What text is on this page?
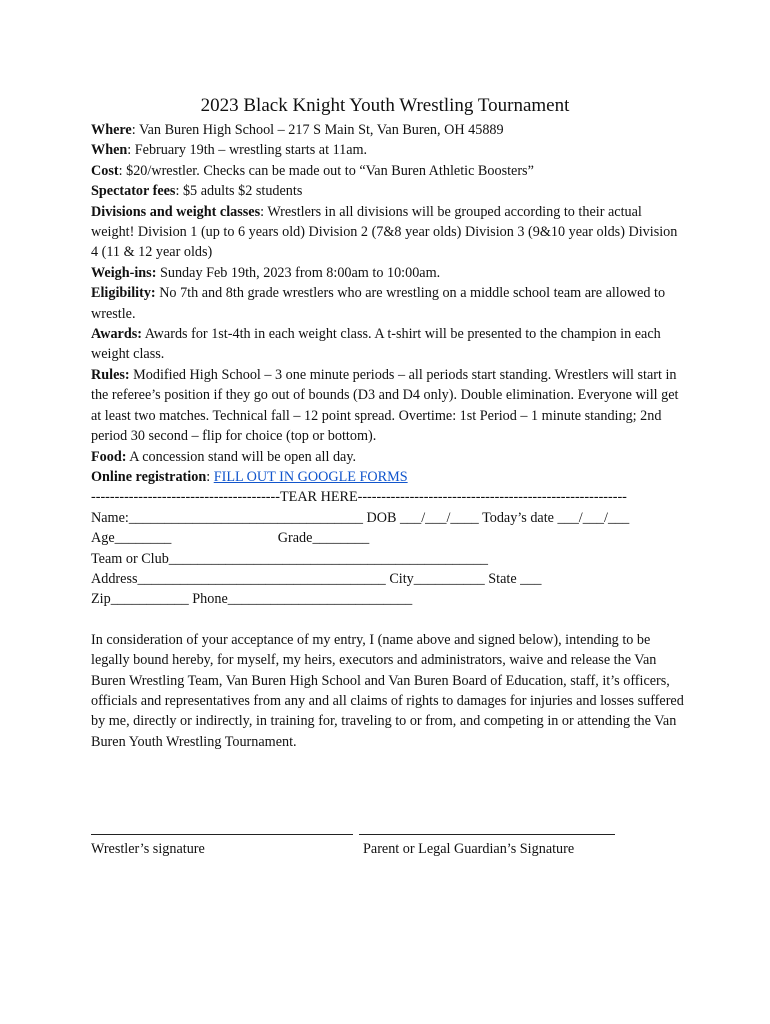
2023 Black Knight Youth Wrestling Tournament

Where: Van Buren High School – 217 S Main St, Van Buren, OH 45889

When: February 19th – wrestling starts at 11am.

Cost: $20/wrestler. Checks can be made out to “Van Buren Athletic Boosters”

Spectator fees: $5 adults $2 students

Divisions and weight classes: Wrestlers in all divisions will be grouped according to their actual weight! Division 1 (up to 6 years old) Division 2 (7&8 year olds) Division 3 (9&10 year olds) Division 4 (11 & 12 year olds)

Weigh-ins: Sunday Feb 19th, 2023 from 8:00am to 10:00am.

Eligibility: No 7th and 8th grade wrestlers who are wrestling on a middle school team are allowed to wrestle.

Awards: Awards for 1st-4th in each weight class. A t-shirt will be presented to the champion in each weight class.

Rules: Modified High School – 3 one minute periods – all periods start standing. Wrestlers will start in the referee’s position if they go out of bounds (D3 and D4 only). Double elimination. Everyone will get at least two matches. Technical fall – 12 point spread. Overtime: 1st Period – 1 minute standing; 2nd period 30 second – flip for choice (top or bottom).

Food: A concession stand will be open all day.

Online registration: FILL OUT IN GOOGLE FORMS

----------------------------------------TEAR HERE---------------------------------------------------------

Name:_________________________________ DOB ___/___/____ Today’s date ___/___/___

Age________                              Grade________

Team or Club_____________________________________________

Address___________________________________ City__________ State ___

Zip___________ Phone__________________________

In consideration of your acceptance of my entry, I (name above and signed below), intending to be legally bound hereby, for myself, my heirs, executors and administrators, waive and release the Van Buren Wrestling Team, Van Buren High School and Van Buren Board of Education, staff, it’s officers, officials and representatives from any and all claims of rights to damages for injuries and losses suffered by me, directly or indirectly, in training for, traveling to or from, and competing in or attending the Van Buren Youth Wrestling Tournament.

Wrestler’s signature	Parent or Legal Guardian’s Signature
